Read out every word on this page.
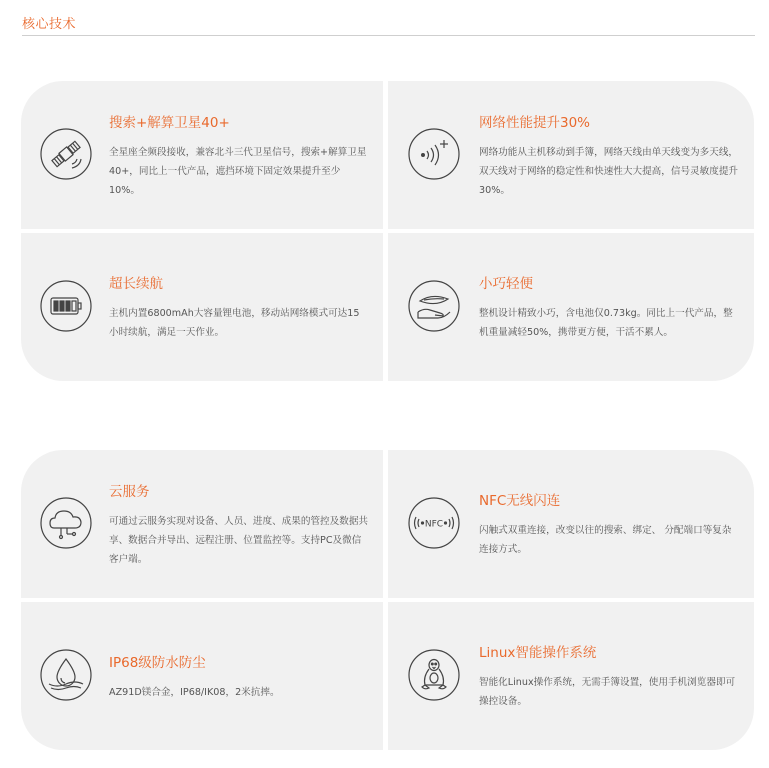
核心技术

搜索+解算卫星40+

全星座全频段接收，兼容北斗三代卫星信号，搜索+解算卫星40+，同比上一代产品，遮挡环境下固定效果提升至少10%。

网络性能提升30%

网络功能从主机移动到手簿，网络天线由单天线变为多天线，双天线对于网络的稳定性和快速性大大提高，信号灵敏度提升30%。

超长续航

主机内置6800mAh大容量锂电池，移动站网络模式可达15小时续航，满足一天作业。

小巧轻便

整机设计精致小巧，含电池仅0.73kg。同比上一代产品，整机重量减轻50%，携带更方便，干活不累人。

云服务

可通过云服务实现对设备、人员、进度、成果的管控及数据共享、数据合并导出、远程注册、位置监控等。支持PC及微信客户端。

NFC

NFC无线闪连

闪触式双重连接，改变以往的搜索、绑定、 分配端口等复杂连接方式。

IP68级防水防尘

AZ91D镁合金，IP68/IK08，2米抗摔。

Linux智能操作系统

智能化Linux操作系统，无需手簿设置，使用手机浏览器即可操控设备。
